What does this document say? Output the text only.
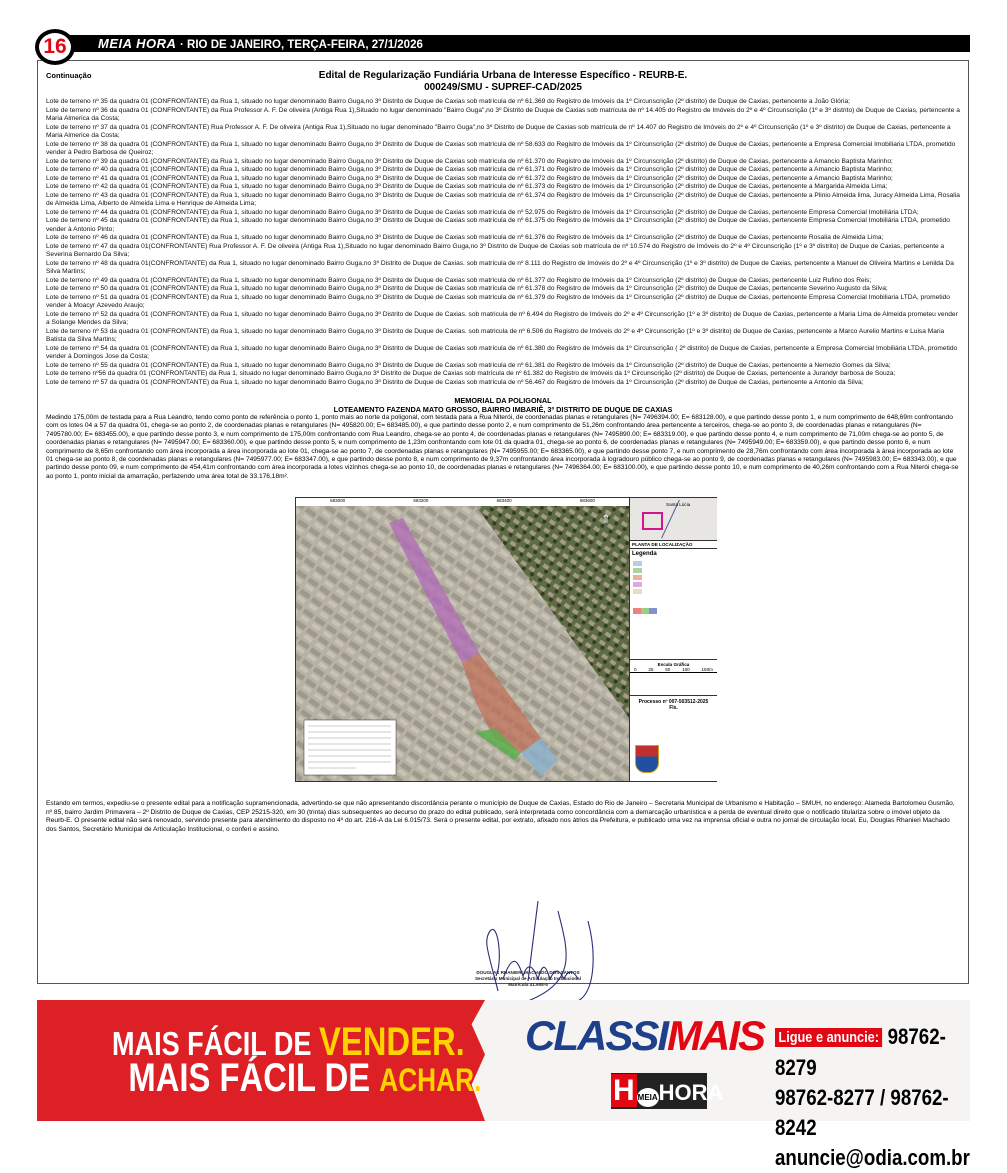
16	MEIA HORA · RIO DE JANEIRO, TERÇA-FEIRA, 27/1/2026
Continuação	Edital de Regularização Fundiária Urbana de Interesse Específico - REURB-E.
000249/SMU - SUPREF-CAD/2025

Lote de terreno nº 35 da quadra 01 (CONFRONTANTE) da Rua 1, situado no lugar denominado Bairro Guga,no 3º Distrito de Duque de Caxias sob matrícula de nº 61.369 do Registro de Imóveis da 1º Circunscrição (2º distrito) de Duque de Caxias, pertencente a João Glória;

Lote de terreno nº 36 da quadra 01 (CONFRONTANTE) da Rua Professor A. F. De oliveira (Antiga Rua 1),Situado no lugar denominado "Bairro Guga",no 3º Distrito de Duque de Caxias sob matrícula de nº 14.405 do Registro de Imóveis do 2º e 4º Circunscrição (1º e 3º distrito) de Duque de Caxias, pertencente a Maria Almerica da Costa;

Lote de terreno nº 37 da quadra 01 (CONFRONTANTE) Rua Professor A. F. De oliveira (Antiga Rua 1),Situado no lugar denominado "Bairro Guga",no 3º Distrito de Duque de Caxias sob matrícula de nº 14.407 do Registro de Imóveis do 2º e 4º Circunscrição (1º e 3º distrito) de Duque de Caxias, pertencente a Maria Almerice da Costa;

Lote de terreno nº 38 da quadra 01 (CONFRONTANTE) da Rua 1, situado no lugar denominado Bairro Guga,no 3º Distrito de Duque de Caxias sob matrícula de nº 58.633 do Registro de Imóveis da 1º Circunscrição (2º distrito) de Duque de Caxias, pertencente a Empresa Comercial Imobiliaria LTDA, prometido vender à Pedro Barbosa de Queiroz;

Lote de terreno nº 39 da quadra 01 (CONFRONTANTE) da Rua 1, situado no lugar denominado Bairro Guga,no 3º Distrito de Duque de Caxias sob matrícula de nº 61.370 do Registro de Imóveis da 1º Circunscrição (2º distrito) de Duque de Caxias, pertencente a Amancio Baptista Marinho;

Lote de terreno nº 40 da quadra 01 (CONFRONTANTE) da Rua 1, situado no lugar denominado Bairro Guga,no 3º Distrito de Duque de Caxias sob matrícula de nº 61.371 do Registro de Imóveis da 1º Circunscrição (2º distrito) de Duque de Caxias, pertencente a Amancio Baptista Marinho;

Lote de terreno nº 41 da quadra 01 (CONFRONTANTE) da Rua 1, situado no lugar denominado Bairro Guga,no 3º Distrito de Duque de Caxias sob matrícula de nº 61.372 do Registro de Imóveis da 1º Circunscrição (2º distrito) de Duque de Caxias, pertencente a Amancio Baptista Marinho;

Lote de terreno nº 42 da quadra 01 (CONFRONTANTE) da Rua 1, situado no lugar denominado Bairro Guga,no 3º Distrito de Duque de Caxias sob matrícula de nº 61.373 do Registro de Imóveis da 1º Circunscrição (2º distrito) de Duque de Caxias, pertencente a Margarida Almeida Lima;

Lote de terreno nº 43 da quadra 01 (CONFRONTANTE) da Rua 1, situado no lugar denominado Bairro Guga,no 3º Distrito de Duque de Caxias sob matrícula de nº 61.374 do Registro de Imóveis da 1º Circunscrição (2º distrito) de Duque de Caxias, pertencente a Plinio Almeida lima, Juracy Almeida Lima, Rosalia de Almeida Lima, Alberto de Almeida Lima e Henrique de Almeida Lima;

Lote de terreno nº 44 da quadra 01 (CONFRONTANTE) da Rua 1, situado no lugar denominado Bairro Guga,no 3º Distrito de Duque de Caxias sob matrícula de nº 52.975 do Registro de Imóveis da 1º Circunscrição (2º distrito) de Duque de Caxias, pertencente Empresa Comercial Imobiliária LTDA;

Lote de terreno nº 45 da quadra 01 (CONFRONTANTE) da Rua 1, situado no lugar denominado Bairro Guga,no 3º Distrito de Duque de Caxias sob matrícula de nº 61.375 do Registro de Imóveis da 1º Circunscrição (2º distrito) de Duque de Caxias, pertencente Empresa Comercial Imobiliária LTDA, prometido vender à Antonio Pinto;

Lote de terreno nº 46 da quadra 01 (CONFRONTANTE) da Rua 1, situado no lugar denominado Bairro Guga,no 3º Distrito de Duque de Caxias sob matrícula de nº 61.376 do Registro de Imóveis da 1º Circunscrição (2º distrito) de Duque de Caxias, pertencente Rosalia de Almeida Lima;

Lote de terreno nº 47 da quadra 01(CONFRONTANTE) Rua Professor A. F. De oliveira (Antiga Rua 1),Situado no lugar denominado Bairro Guga,no 3º Distrito de Duque de Caxias sob matrícula de nº 10.574 do Registro de Imóveis do 2º e 4º Circunscrição (1º e 3º distrito) de Duque de Caxias, pertencente a Severina Bernardo Da Silva;

Lote de terreno nº 48 da quadra 01(CONFRONTANTE) da Rua 1, situado no lugar denominado Bairro Guga,no 3º Distrito de Duque de Caxias. sob matrícula de nº 8.111 do Registro de Imóveis do 2º e 4º Circunscrição (1º e 3º distrito) de Duque de Caxias, pertencente a Manuel de Oliveira Martins e Lenilda Da Silva Martins;

Lote de terreno nº 49 da quadra 01 (CONFRONTANTE) da Rua 1, situado no lugar denominado Bairro Guga,no 3º Distrito de Duque de Caxias sob matrícula de nº 61.377 do Registro de Imóveis da 1º Circunscrição (2º distrito) de Duque de Caxias, pertencente Luiz Rufino dos Reis;

Lote de terreno nº 50 da quadra 01 (CONFRONTANTE) da Rua 1, situado no lugar denominado Bairro Guga,no 3º Distrito de Duque de Caxias sob matrícula de nº 61.378 do Registro de Imóveis da 1º Circunscrição (2º distrito) de Duque de Caxias, pertencente Severino Augusto da Silva;

Lote de terreno nº 51 da quadra 01 (CONFRONTANTE) da Rua 1, situado no lugar denominado Bairro Guga,no 3º Distrito de Duque de Caxias sob matrícula de nº 61.379 do Registro de Imóveis da 1º Circunscrição (2º distrito) de Duque de Caxias, pertencente Empresa Comercial Imobiliaria LTDA, prometido vender à Moacyr Azevedo Araujo;

Lote de terreno nº 52 da quadra 01 (CONFRONTANTE) da Rua 1, situado no lugar denominado Bairro Guga,no 3º Distrito de Duque de Caxias. sob matricula de nº 6.494 do Registro de Imóveis do 2º e 4º Circunscrição (1º e 3º distrito) de Duque de Caxias, pertencente a Maria Lima de Almeida prometeu vender a Solange Mendes da Silva;

Lote de terreno nº 53 da quadra 01 (CONFRONTANTE) da Rua 1, situado no lugar denominado Bairro Guga,no 3º Distrito de Duque de Caxias. sob matricula de nº 6.506 do Registro de Imóveis do 2º e 4º Circunscrição (1º e 3º distrito) de Duque de Caxias, pertencente a Marco Aurelio Martins e Luisa Maria Batista da Silva Martins;

Lote de terreno nº 54 da quadra 01 (CONFRONTANTE) da Rua 1, situado no lugar denominado Bairro Guga,no 3º Distrito de Duque de Caxias sob matrícula de nº 61.380 do Registro de Imóveis da 1º Circunscrição ( 2º distrito) de Duque de Caxias, pertencente a Empresa Comercial Imobiliária LTDA, prometido vender à Domingos Jose da Costa;

Lote de terreno nº 55 da quadra 01 (CONFRONTANTE) da Rua 1, situado no lugar denominado Bairro Guga,no 3º Distrito de Duque de Caxias sob matrícula de nº 61.381 do Registro de Imóveis da 1º Circunscrição (2º distrito) de Duque de Caxias, pertencente a Nemezio Gomes da Silva;

Lote de terreno nº56 da quadra 01 (CONFRONTANTE) da Rua 1, situado no lugar denominado Bairro Guga,no 3º Distrito de Duque de Caxias sob matrícula de nº 61.382 do Registro de Imóveis da 1º Circunscrição (2º distrito) de Duque de Caxias, pertencente a Jurandyr barbosa de Souza;

Lote de terreno nº 57 da quadra 01 (CONFRONTANTE) da Rua 1, situado no lugar denominado Bairro Guga,no 3º Distrito de Duque de Caxias sob matrícula de nº 56.467 do Registro de Imóveis da 1º Circunscrição (2º distrito) de Duque de Caxias, pertencente a Antonio da Silva;

MEMORIAL DA POLIGONAL
LOTEAMENTO FAZENDA MATO GROSSO, BAIRRO IMBARIÊ, 3º DISTRITO DE DUQUE DE CAXIAS

Medindo 175,00m de testada para a Rua Leandro, tendo como ponto de referência o ponto 1, ponto mais ao norte da poligonal, com testada para a Rua Niterói, de coordenadas planas e retangulares (N= 7496394.00; E= 683128.00), e que partindo desse ponto 1, e num comprimento de 648,69m confrontando com os lotes 04 a 57 da quadra 01, chega-se ao ponto 2, de coordenadas planas e retangulares (N= 495820.00; E= 683485.00), e que partindo desse ponto 2, e num comprimento de 51,26m confrontando área pertencente a terceiros, chega-se ao ponto 3, de coordenadas planas e retangulares (N= 7495780.00; E= 683455.00), e que partindo desse ponto 3, e num comprimento de 175,00m confrontando com Rua Leandro, chega-se ao ponto 4, de coordenadas planas e retangulares (N= 7495890.00; E= 683319.00), e que partindo desse ponto 4, e num comprimento de 71,00m chega-se ao ponto 5, de coordenadas planas e retangulares (N= 7495947.00; E= 683360.00), e que partindo desse ponto 5, e num comprimento de 1,23m confrontando com lote 01 da quadra 01, chega-se ao ponto 6, de coordenadas planas e retangulares (N= 7495949.00; E= 683359.00), e que partindo desse ponto 6, e num comprimento de 8,65m confrontando com área incorporada a área incorporada ao lote 01, chega-se ao ponto 7, de coordenadas planas e retangulares (N= 7495955.00; E= 683365.00), e que partindo desse ponto 7, e num comprimento de 28,76m confrontando com área incorporada à área incorporada ao lote 01 chega-se ao ponto 8, de coordenadas planas e retangulares (N= 7495977.00; E= 683347.00), e que partindo desse ponto 8, e num comprimento de 9,37m confrontando área incorporada à logradouro público chega-se ao ponto 9, de coordenadas planas e retangulares (N= 7495983.00; E= 683343.00), e que partindo desse ponto 09, e num comprimento de 454,41m confrontando com área incorporada a lotes vizinhos chega-se ao ponto 10, de coordenadas planas e retangulares (N= 7496364.00; E= 683100.00), e que partindo desse ponto 10, e num comprimento de 40,26m confrontando com a Rua Niterói chega-se ao ponto 1, ponto inicial da amarração, perfazendo uma área total de 33.176,18m².

Estando em termos, expediu-se o presente edital para a notificação supramencionada, advertindo-se que não apresentando discordância perante o município de Duque de Caxias, Estado do Rio de Janeiro – Secretaria Municipal de Urbanismo e Habitação – SMUH, no endereço: Alameda Bartolomeu Gusmão, nº 85, bairro Jardim Primavera – 2º Distrito de Duque de Caxias, CEP 25215-320, em 30 (trinta) dias subsequentes ao decurso do prazo do edital publicado, será interpretada como concordância com a demarcação urbanística e a perda de eventual direito que o notificado titulariza sobre o imóvel objeto da Reurb-E. O presente edital não será renovado, servindo presente para atendimento do disposto no 4º do art. 216-A da Lei 6.015/73. Será o presente edital, por extrato, afixado nos átrios da Prefeitura, e publicado uma vez na imprensa oficial e outra no jornal de circulação local. Eu, Douglas Rhanieri Machado dos Santos, Secretário Municipal de Articulação Institucional, o conferi e assino.
DOUGLAS RHANIERI MACHADO DOS SANTOS
Secretário Municipal de Articulação Institucional
Matrícula 41.908-5
683000	683200	683400	683600
⇑
Santa Lúcia
PLANTA DE LOCALIZAÇÃO
Legenda
Escala Gráfica
0	25	50	100	150m
Processo nº 007-503512-2025
Fls.
MAIS FÁCIL DE VENDER.
MAIS FÁCIL DE ACHAR.
CLASSIMAIS
H MEIAHORA
Ligue e anuncie: 98762-8279
98762-8277 / 98762-8242
anuncie@odia.com.br
